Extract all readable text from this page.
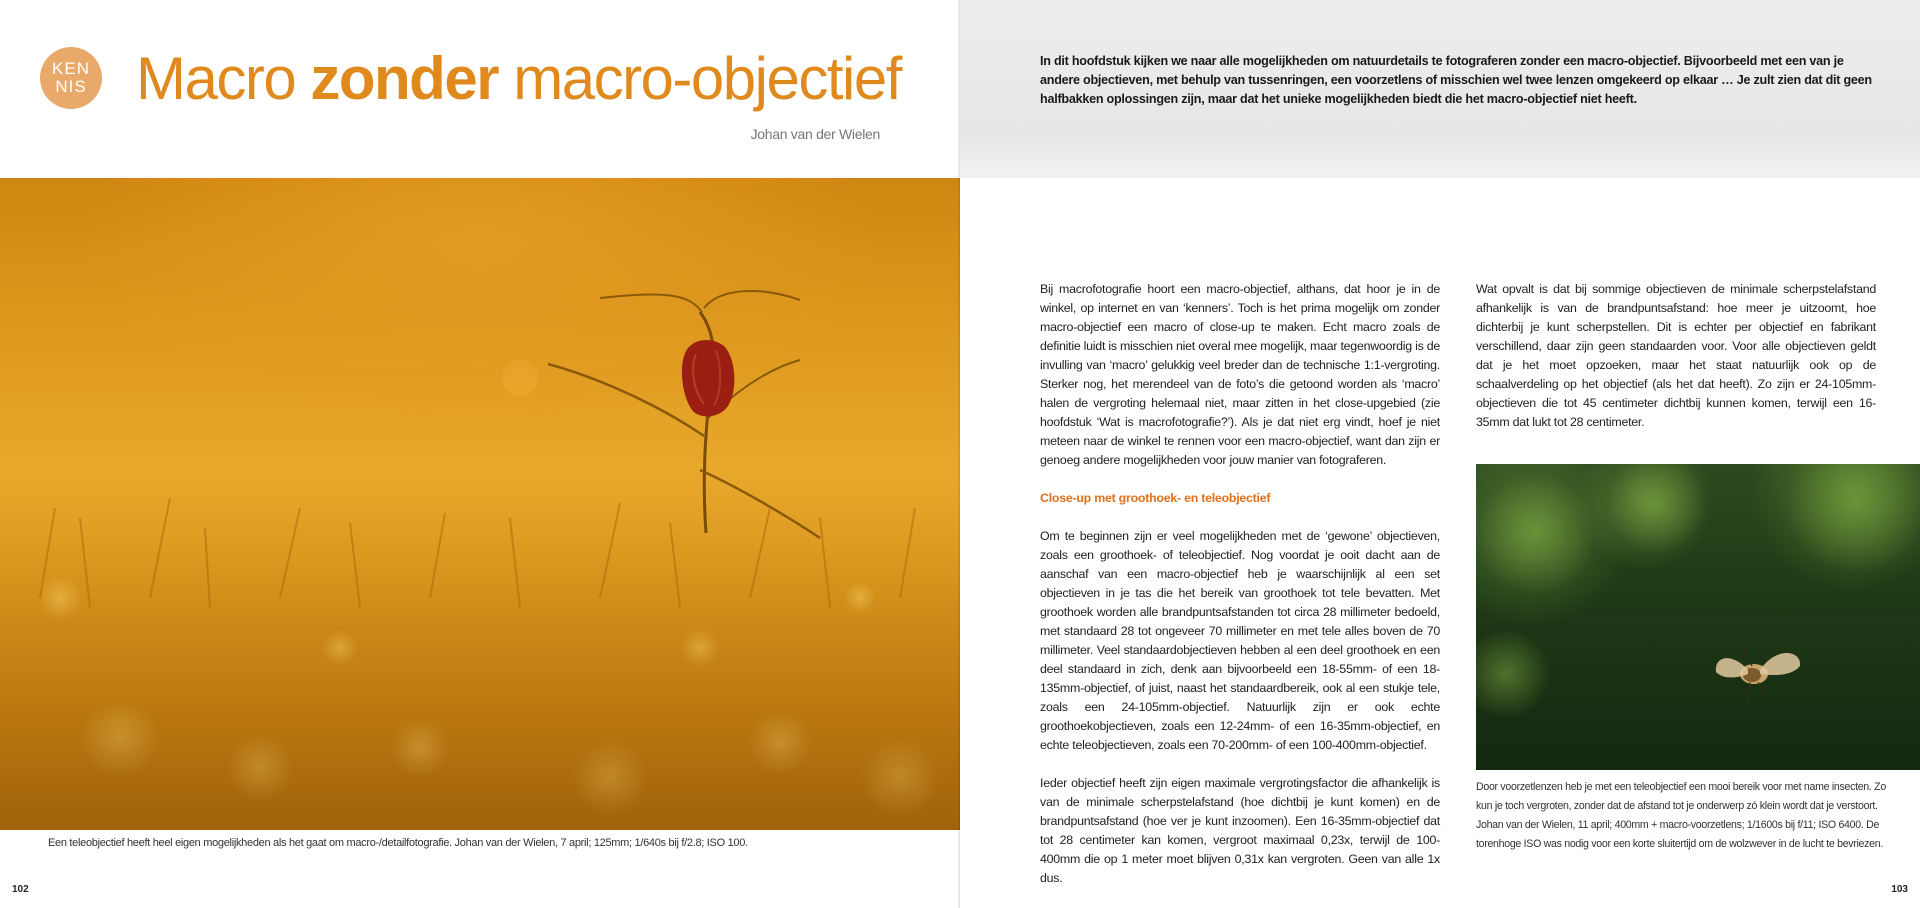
KEN
NIS Macro zonder macro-objectief
Johan van der Wielen
Een teleobjectief heeft heel eigen mogelijkheden als het gaat om macro-/detailfotografie. Johan van der Wielen, 7 april; 125mm; 1/640s bij f/2.8; ISO 100.
102
In dit hoofdstuk kijken we naar alle mogelijkheden om natuurdetails te fotograferen zonder een macro-objectief. Bijvoorbeeld met een van je andere objectieven, met behulp van tussenringen, een voorzetlens of misschien wel twee lenzen omgekeerd op elkaar … Je zult zien dat dit geen halfbakken oplossingen zijn, maar dat het unieke mogelijkheden biedt die het macro-objectief niet heeft.

Bij macrofotografie hoort een macro-objectief, althans, dat hoor je in de winkel, op internet en van ‘kenners’. Toch is het prima mogelijk om zonder macro-objectief een macro of close-up te maken. Echt macro zoals de definitie luidt is misschien niet overal mee mogelijk, maar tegenwoordig is de invulling van ‘macro’ gelukkig veel breder dan de technische 1:1-vergroting. Sterker nog, het merendeel van de foto’s die getoond worden als ‘macro’ halen de vergroting helemaal niet, maar zitten in het close-upgebied (zie hoofdstuk ‘Wat is macrofotografie?’). Als je dat niet erg vindt, hoef je niet meteen naar de winkel te rennen voor een macro-objectief, want dan zijn er genoeg andere mogelijkheden voor jouw manier van fotograferen.

Close-up met groothoek- en teleobjectief

Om te beginnen zijn er veel mogelijkheden met de ‘gewone’ objectieven, zoals een groothoek- of teleobjectief. Nog voordat je ooit dacht aan de aanschaf van een macro-objectief heb je waarschijnlijk al een set objectieven in je tas die het bereik van groothoek tot tele bevatten. Met groothoek worden alle brandpuntsafstanden tot circa 28 millimeter bedoeld, met standaard 28 tot ongeveer 70 millimeter en met tele alles boven de 70 millimeter. Veel standaardobjectieven hebben al een deel groothoek en een deel standaard in zich, denk aan bijvoorbeeld een 18-55mm- of een 18-135mm-objectief, of juist, naast het standaardbereik, ook al een stukje tele, zoals een 24-105mm-objectief. Natuurlijk zijn er ook echte groothoekobjectieven, zoals een 12-24mm- of een 16-35mm-objectief, en echte teleobjectieven, zoals een 70-200mm- of een 100-400mm-objectief.

Ieder objectief heeft zijn eigen maximale vergrotingsfactor die afhankelijk is van de minimale scherpstelafstand (hoe dichtbij je kunt komen) en de brandpuntsafstand (hoe ver je kunt inzoomen). Een 16-35mm-objectief dat tot 28 centimeter kan komen, vergroot maximaal 0,23x, terwijl de 100-400mm die op 1 meter moet blijven 0,31x kan vergroten. Geen van alle 1x dus.

Wat opvalt is dat bij sommige objectieven de minimale scherpstelafstand afhankelijk is van de brandpuntsafstand: hoe meer je uitzoomt, hoe dichterbij je kunt scherpstellen. Dit is echter per objectief en fabrikant verschillend, daar zijn geen standaarden voor. Voor alle objectieven geldt dat je het moet opzoeken, maar het staat natuurlijk ook op de schaalverdeling op het objectief (als het dat heeft). Zo zijn er 24-105mm-objectieven die tot 45 centimeter dichtbij kunnen komen, terwijl een 16-35mm dat lukt tot 28 centimeter.

Door voorzetlenzen heb je met een teleobjectief een mooi bereik voor met name insecten. Zo kun je toch vergroten, zonder dat de afstand tot je onderwerp zó klein wordt dat je verstoort. Johan van der Wielen, 11 april; 400mm + macro-voorzetlens; 1/1600s bij f/11; ISO 6400. De torenhoge ISO was nodig voor een korte sluitertijd om de wolzwever in de lucht te bevriezen.
103
